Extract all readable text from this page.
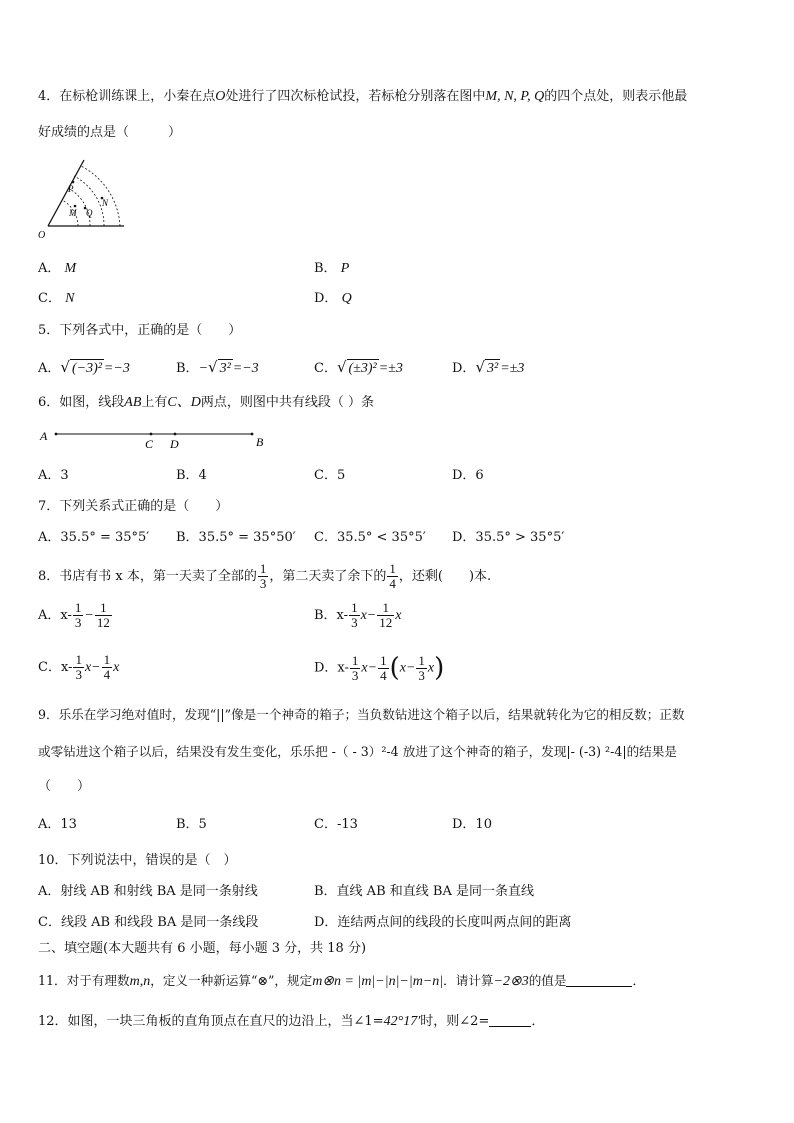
4．在标枪训练课上，小秦在点O处进行了四次标枪试投，若标枪分别落在图中M, N, P, Q的四个点处，则表示他最
好成绩的点是（　　　）
O
P
M Q
N
A． M	B． P
C． N	D． Q
5．下列各式中，正确的是（　　）
A．√ (−3)² =−3	B．−√ 3² =−3	C．√ (±3)² =±3	D．√ 3² =±3
6．如图，线段AB上有C、D两点，则图中共有线段（ ）条
A
C D	B
A．3	B．4	C．5	D．6
7．下列关系式正确的是（　　）
A．35.5° = 35°5′ B．35.5° = 35°50′ C．35.5° < 35°5′ D．35.5° > 35°5′
8．书店有书 x 本，第一天卖了全部的 $\frac{1}{3}$ ，第二天卖了余下的 $\frac{1}{4}$ ，还剩(　　)本.
A．$x- \frac{1}{3} - \frac{1}{12}$	B．$x- \frac{1}{3} x- \frac{1}{12}$ x
C．$x- \frac{1}{3} x- \frac{1}{4}$ x	D．$x- \frac{1}{3} x- \frac{1}{4} (x- \frac{1}{3} x)$
9．乐乐在学习绝对值时，发现“||”像是一个神奇的箱子；当负数钻进这个箱子以后，结果就转化为它的相反数；正数
或零钻进这个箱子以后，结果没有发生变化，乐乐把 -（ - 3）²-4 放进了这个神奇的箱子，发现|- (-3) ²-4|的结果是
（　　）
A．13	B．5	C．-13	D．10
10．下列说法中，错误的是（　）
A．射线 AB 和射线 BA 是同一条射线	B．直线 AB 和直线 BA 是同一条直线
C．线段 AB 和线段 BA 是同一条线段	D．连结两点间的线段的长度叫两点间的距离
二、填空题(本大题共有 6 小题，每小题 3 分，共 18 分)
11．对于有理数m,n，定义一种新运算“⊗”，规定m⊗n = |m|−|n|−|m−n|．请计算−2⊗3的值是	．
12．如图，一块三角板的直角顶点在直尺的边沿上，当∠1=42°17′时，则∠2=	．
